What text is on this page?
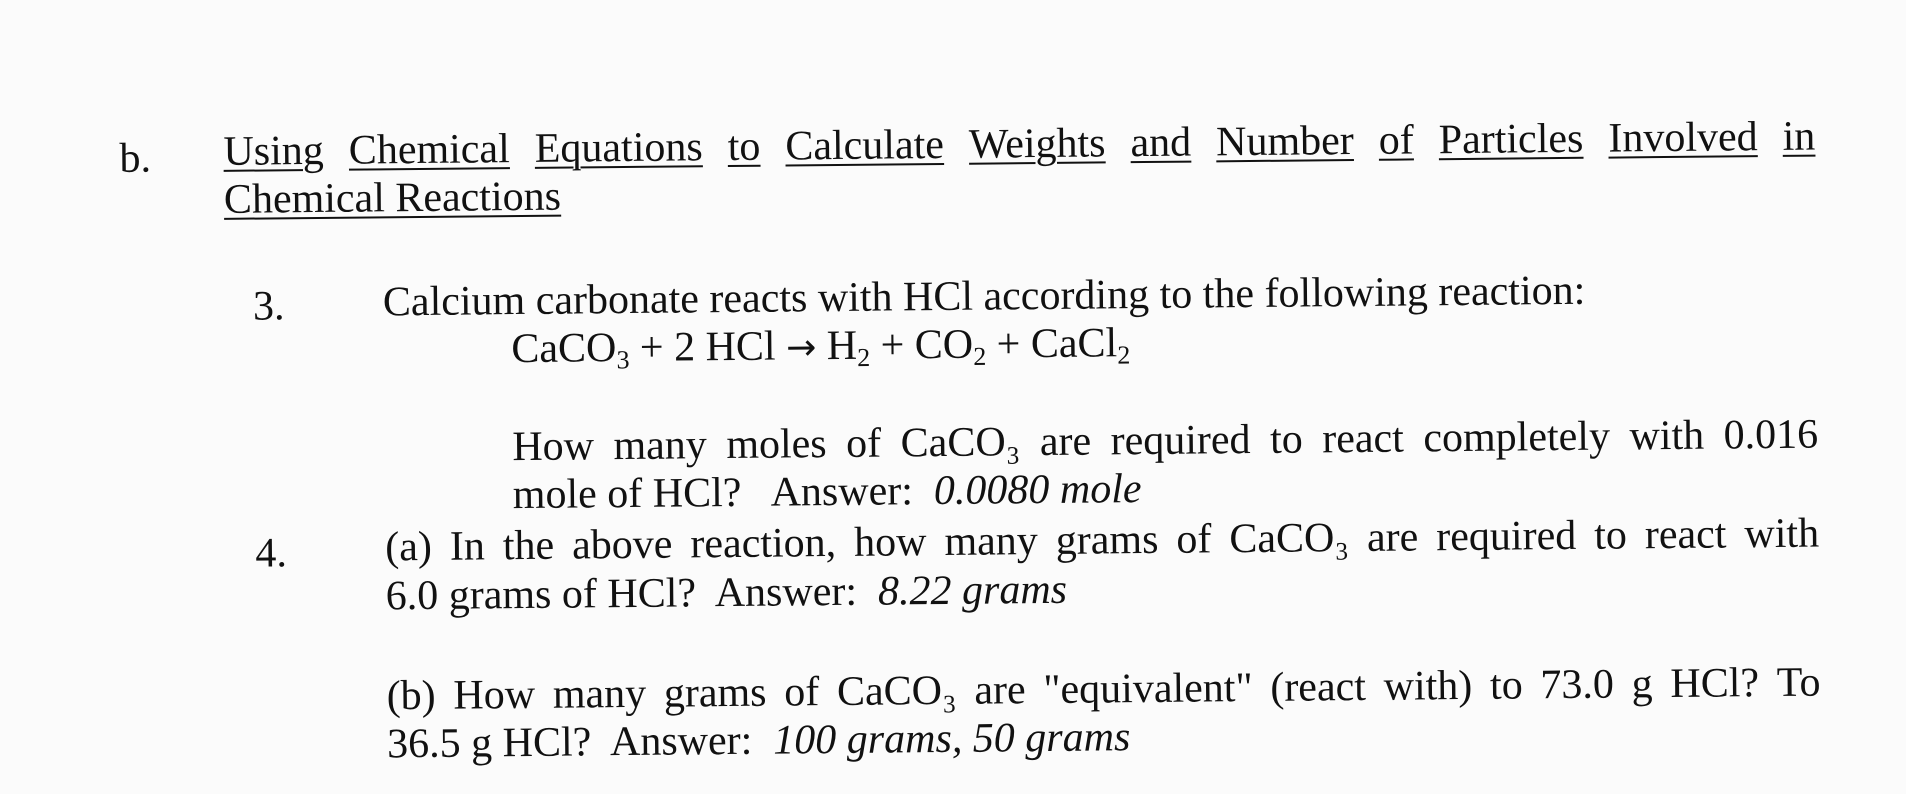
b. Using Chemical Equations to Calculate Weights and Number of Particles Involved in
Chemical Reactions
3. Calcium carbonate reacts with HCl according to the following reaction:
CaCO$_3$ + 2 HCl → $H_2 + CO_2$ + CaCl$_2$
How many moles of CaCO₃ are required to react completely with 0.016
mole of HCl? Answer: 0.0080 mole
4. (a) In the above reaction, how many grams of CaCO₃ are required to react with
6.0 grams of HCl? Answer: 8.22 grams
(b) How many grams of CaCO₃ are "equivalent" (react with) to 73.0 g HCl? To
36.5 g HCl? Answer: 100 grams, 50 grams
